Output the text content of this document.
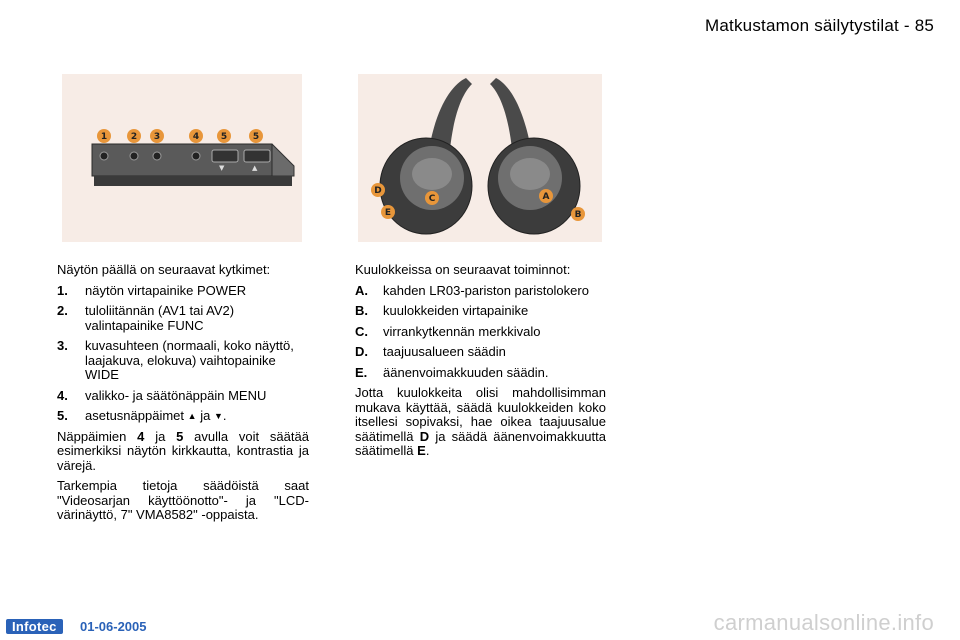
Matkustamon säilytystilat - 85
▼	▲
1	2 3	4 5	5
D
E
C	A
B

Näytön päällä on seuraavat kytkimet:

1.	näytön virtapainike POWER
2.	tuloliitännän (AV1 tai AV2) valintapainike FUNC
3.	kuvasuhteen (normaali, koko näyttö, laajakuva, elokuva) vaihtopainike WIDE
4.	valikko- ja säätönäppäin MENU
5.	asetusnäppäimet ▲ ja ▼.

Näppäimien 4 ja 5 avulla voit säätää esimerkiksi näytön kirkkautta, kontrastia ja värejä.

Tarkempia tietoja säädöistä saat "Videosarjan käyttöönotto"- ja "LCD-värinäyttö, 7" VMA8582" -oppaista.

Kuulokkeissa on seuraavat toiminnot:

A.	kahden LR03-pariston paristolokero
B.	kuulokkeiden virtapainike
C.	virrankytkennän merkkivalo
D.	taajuusalueen säädin
E.	äänenvoimakkuuden säädin.

Jotta kuulokkeita olisi mahdollisimman mukava käyttää, säädä kuulokkeiden koko itsellesi sopivaksi, hae oikea taajuusalue säätimellä D ja säädä äänenvoimakkuutta säätimellä E.

Infotec	01-06-2005	carmanualsonline.info
